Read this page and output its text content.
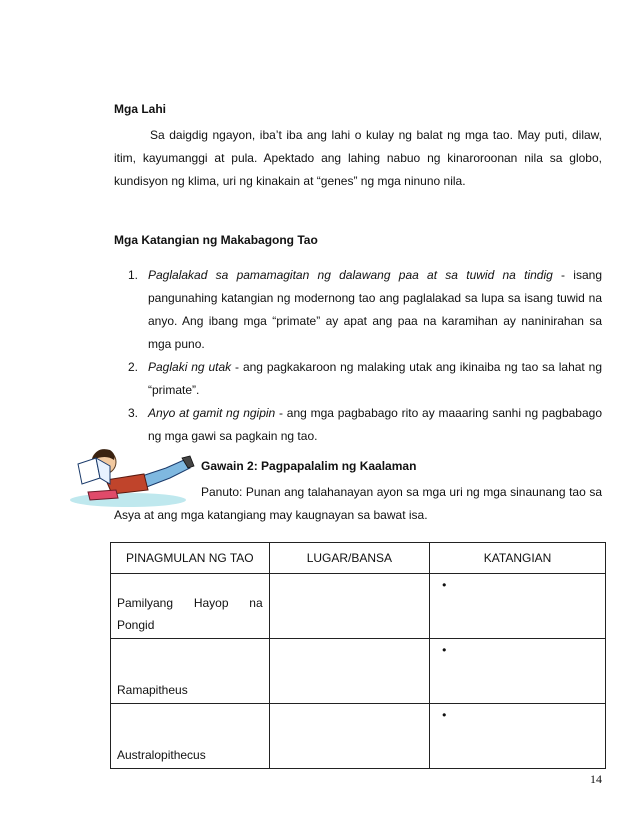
Mga Lahi
Sa daigdig ngayon, iba’t iba ang lahi o kulay ng balat ng mga tao. May puti, dilaw, itim, kayumanggi at pula. Apektado ang lahing nabuo ng kinaroroonan nila sa globo, kundisyon ng klima, uri ng kinakain at “genes” ng mga ninuno nila.
Mga Katangian ng Makabagong Tao
1. Paglalakad sa pamamagitan ng dalawang paa at sa tuwid na tindig - isang pangunahing katangian ng modernong tao ang paglalakad sa lupa sa isang tuwid na anyo. Ang ibang mga “primate” ay apat ang paa na karamihan ay naninirahan sa mga puno.
2. Paglaki ng utak - ang pagkakaroon ng malaking utak ang ikinaiba ng tao sa lahat ng “primate”.
3. Anyo at gamit ng ngipin - ang mga pagbabago rito ay maaaring sanhi ng pagbabago ng mga gawi sa pagkain ng tao.
Gawain 2: Pagpapalalim ng Kaalaman
Panuto: Punan ang talahanayan ayon sa mga uri ng mga sinaunang tao sa Asya at ang mga katangiang may kaugnayan sa bawat isa.
PINAGMULAN NG TAO	LUGAR/BANSA	KATANGIAN

Pamilyang Hayop na
Pongid		•

Ramapitheus		•

Australopithecus		•
14
